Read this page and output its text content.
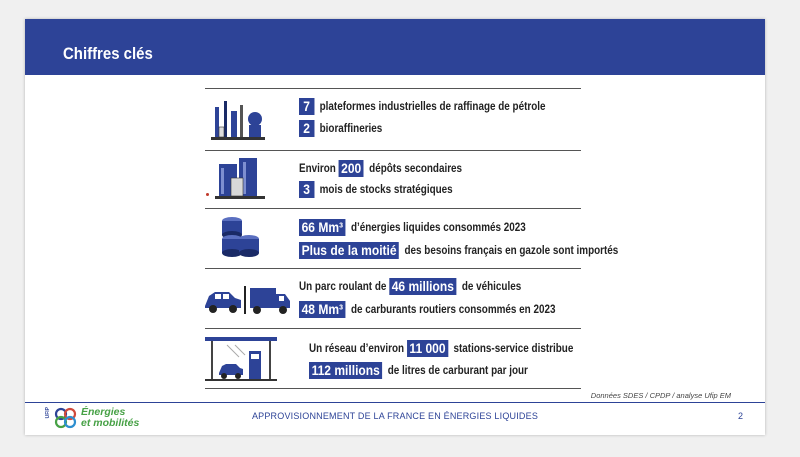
Chiffres clés
7 plateformes industrielles de raffinage de pétrole
2 bioraffineries
Environ 200 dépôts secondaires
3 mois de stocks stratégiques
66 Mm³ d’énergies liquides consommés 2023
Plus de la moitié des besoins français en gazole sont importés
Un parc roulant de 46 millions de véhicules
48 Mm³ de carburants routiers consommés en 2023
Un réseau d’environ 11 000 stations-service distribue
112 millions de litres de carburant par jour
Données SDES / CPDP / analyse Ufip EM
UFIP	Énergies
et mobilités
APPROVISIONNEMENT DE LA FRANCE EN ÉNERGIES LIQUIDES	2
